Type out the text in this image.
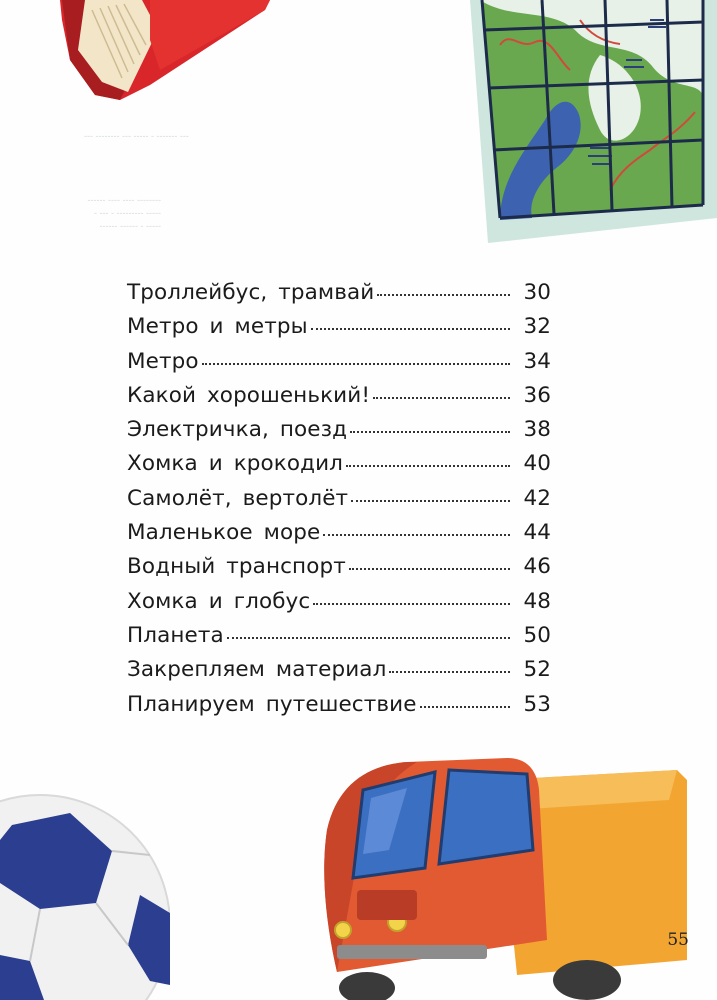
‑‑‑ ‑‑‑‑‑‑‑‑ ‑‑‑ ‑‑‑‑‑ ‑ ‑‑‑‑‑‑‑ ‑‑‑
‑‑‑‑‑‑ ‑‑‑‑ ‑‑‑‑ ‑‑‑‑‑‑‑‑
‑ ‑‑‑ ‑ ‑‑‑‑‑‑‑‑‑ ‑‑‑‑‑
‑‑‑‑‑‑ ‑‑‑‑‑‑ ‑ ‑‑‑‑‑
Троллейбус, трамвай	30
Метро и метры	32
Метро	34
Какой хорошенький!	36
Электричка, поезд	38
Хомка и крокодил	40
Самолёт, вертолёт	42
Маленькое море	44
Водный транспорт	46
Хомка и глобус	48
Планета	50
Закрепляем материал	52
Планируем путешествие	53
55
